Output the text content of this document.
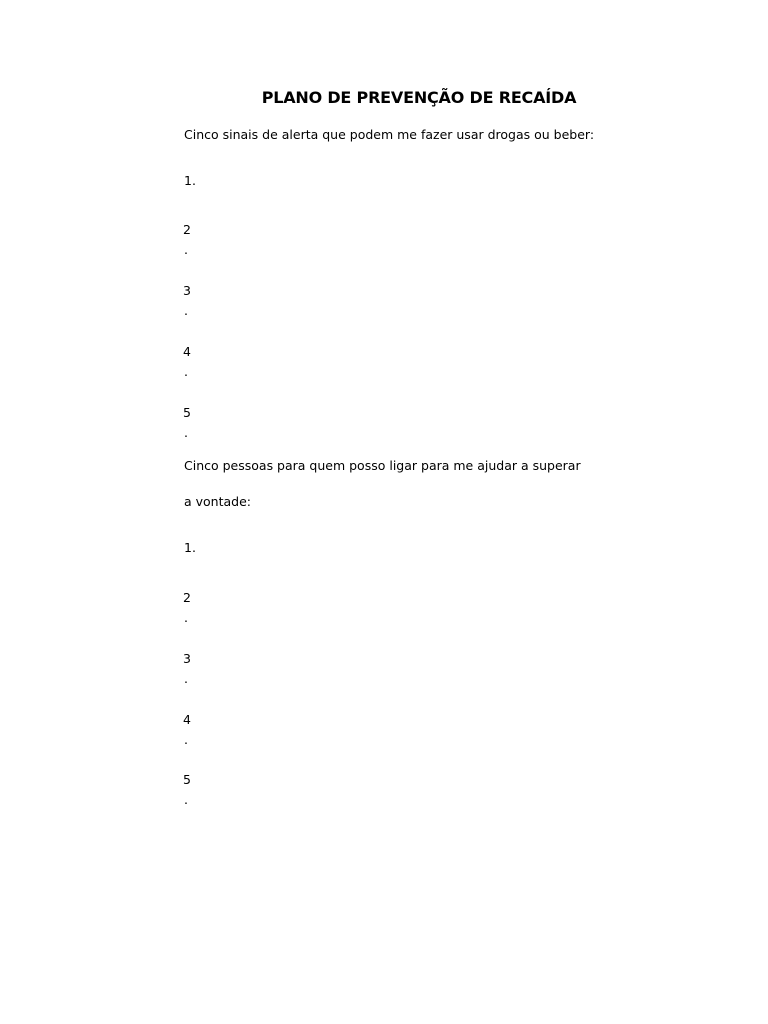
PLANO DE PREVENÇÃO DE RECAÍDA
Cinco sinais de alerta que podem me fazer usar drogas ou beber:
1.
2
.
3
.
4
.
5
.
Cinco pessoas para quem posso ligar para me ajudar a superar
a vontade:
1.
2
.
3
.
4
.
5
.
